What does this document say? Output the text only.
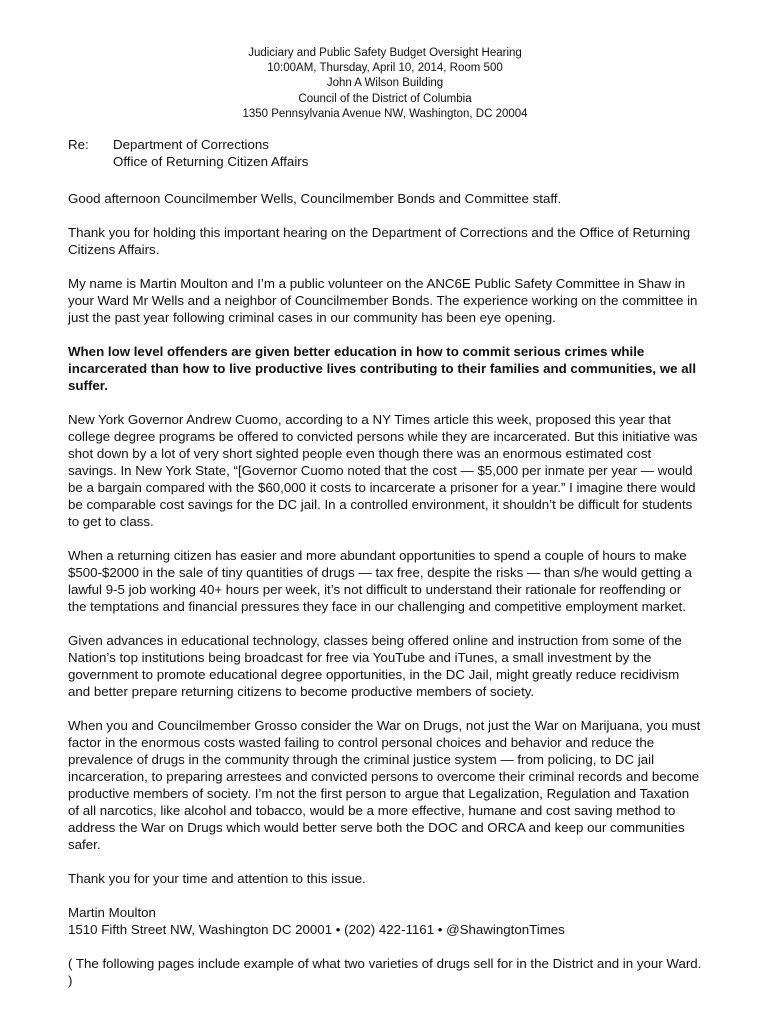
Judiciary and Public Safety Budget Oversight Hearing
10:00AM, Thursday, April 10, 2014, Room 500
John A Wilson Building
Council of the District of Columbia
1350 Pennsylvania Avenue NW, Washington, DC 20004
Re:	Department of Corrections
Office of Returning Citizen Affairs

Good afternoon Councilmember Wells, Councilmember Bonds and Committee staff.

Thank you for holding this important hearing on the Department of Corrections and the Office of Returning Citizens Affairs.

My name is Martin Moulton and I’m a public volunteer on the ANC6E Public Safety Committee in Shaw in your Ward Mr Wells and a neighbor of Councilmember Bonds. The experience working on the committee in just the past year following criminal cases in our community has been eye opening.

When low level offenders are given better education in how to commit serious crimes while incarcerated than how to live productive lives contributing to their families and communities, we all suffer.

New York Governor Andrew Cuomo, according to a NY Times article this week, proposed this year that college degree programs be offered to convicted persons while they are incarcerated. But this initiative was shot down by a lot of very short sighted people even though there was an enormous estimated cost savings. In New York State, “[Governor Cuomo noted that the cost — $5,000 per inmate per year — would be a bargain compared with the $60,000 it costs to incarcerate a prisoner for a year.” I imagine there would be comparable cost savings for the DC jail. In a controlled environment, it shouldn’t be difficult for students to get to class.

When a returning citizen has easier and more abundant opportunities to spend a couple of hours to make $500-$2000 in the sale of tiny quantities of drugs — tax free, despite the risks — than s/he would getting a lawful 9-5 job working 40+ hours per week, it’s not difficult to understand their rationale for reoffending or the temptations and financial pressures they face in our challenging and competitive employment market.

Given advances in educational technology, classes being offered online and instruction from some of the Nation’s top institutions being broadcast for free via YouTube and iTunes, a small investment by the government to promote educational degree opportunities, in the DC Jail, might greatly reduce recidivism and better prepare returning citizens to become productive members of society.

When you and Councilmember Grosso consider the War on Drugs, not just the War on Marijuana, you must factor in the enormous costs wasted failing to control personal choices and behavior and reduce the prevalence of drugs in the community through the criminal justice system — from policing, to DC jail incarceration, to preparing arrestees and convicted persons to overcome their criminal records and become productive members of society. I’m not the first person to argue that Legalization, Regulation and Taxation of all narcotics, like alcohol and tobacco, would be a more effective, humane and cost saving method to address the War on Drugs which would better serve both the DOC and ORCA and keep our communities safer.

Thank you for your time and attention to this issue.

Martin Moulton
1510 Fifth Street NW, Washington DC 20001 • (202) 422-1161 • @ShawingtonTimes

( The following pages include example of what two varieties of drugs sell for in the District and in your Ward. )
